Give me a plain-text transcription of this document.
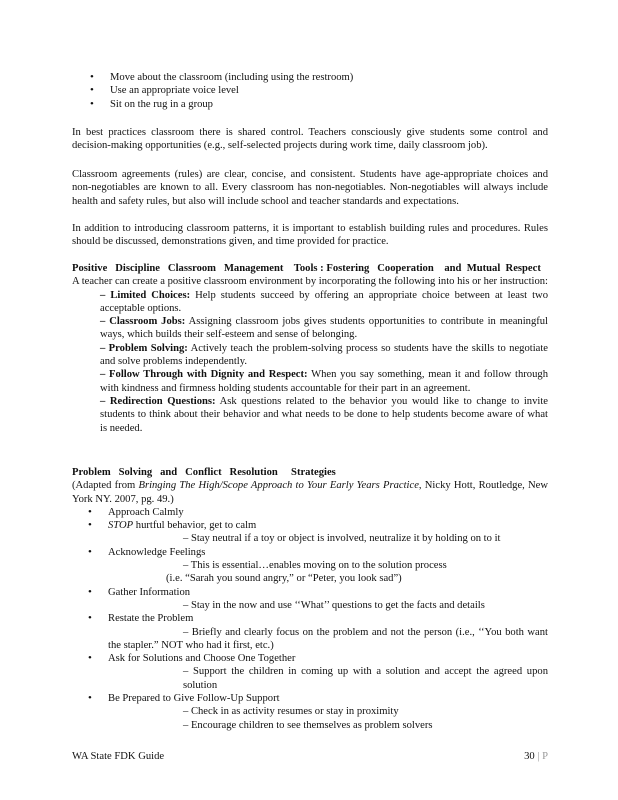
• Move about the classroom (including using the restroom)
• Use an appropriate voice level
• Sit on the rug in a group

In best practices classroom there is shared control. Teachers consciously give students some control and decision‑making opportunities (e.g., self‑selected projects during work time, daily classroom job).

Classroom agreements (rules) are clear, concise, and consistent. Students have age‑appropriate choices and non‑negotiables are known to all. Every classroom has non‑negotiables. Non‑negotiables will always include health and safety rules, but also will include school and teacher standards and expectations.

In addition to introducing classroom patterns, it is important to establish building rules and procedures. Rules should be discussed, demonstrations given, and time provided for practice.

Positive   Discipline   Classroom   Management    Tools : Fostering   Cooperation    and  Mutual  Respect
A teacher can create a positive classroom environment by incorporating the following into his or her instruction:
– Limited Choices: Help students succeed by offering an appropriate choice between at least two acceptable options.
– Classroom Jobs: Assigning classroom jobs gives students opportunities to contribute in meaningful ways, which builds their self‑esteem and sense of belonging.
– Problem Solving: Actively teach the problem‑solving process so students have the skills to negotiate and solve problems independently.
– Follow Through with Dignity and Respect: When you say something, mean it and follow through with kindness and firmness holding students accountable for their part in an agreement.
– Redirection Questions: Ask questions related to the behavior you would like to change to invite students to think about their behavior and what needs to be done to help students become aware of what is needed.
Problem   Solving   and   Conflict   Resolution     Strategies
(Adapted from Bringing The High/Scope Approach to Your Early Years Practice, Nicky Hott, Routledge, New York NY. 2007, pg. 49.)
• Approach Calmly
• STOP hurtful behavior, get to calm
– Stay neutral if a toy or object is involved, neutralize it by holding on to it
• Acknowledge Feelings
– This is essential…enables moving on to the solution process
(i.e. “Sarah you sound angry,” or “Peter, you look sad”)
• Gather Information
– Stay in the now and use ‘‘What’’ questions to get the facts and details
• Restate the Problem
– Briefly and clearly focus on the problem and not the person (i.e., ‘‘You both want the stapler.” NOT who had it first, etc.)
• Ask for Solutions and Choose One Together
– Support the children in coming up with a solution and accept the agreed upon solution
• Be Prepared to Give Follow‑Up Support
– Check in as activity resumes or stay in proximity
– Encourage children to see themselves as problem solvers
WA State FDK Guide	30 | P
